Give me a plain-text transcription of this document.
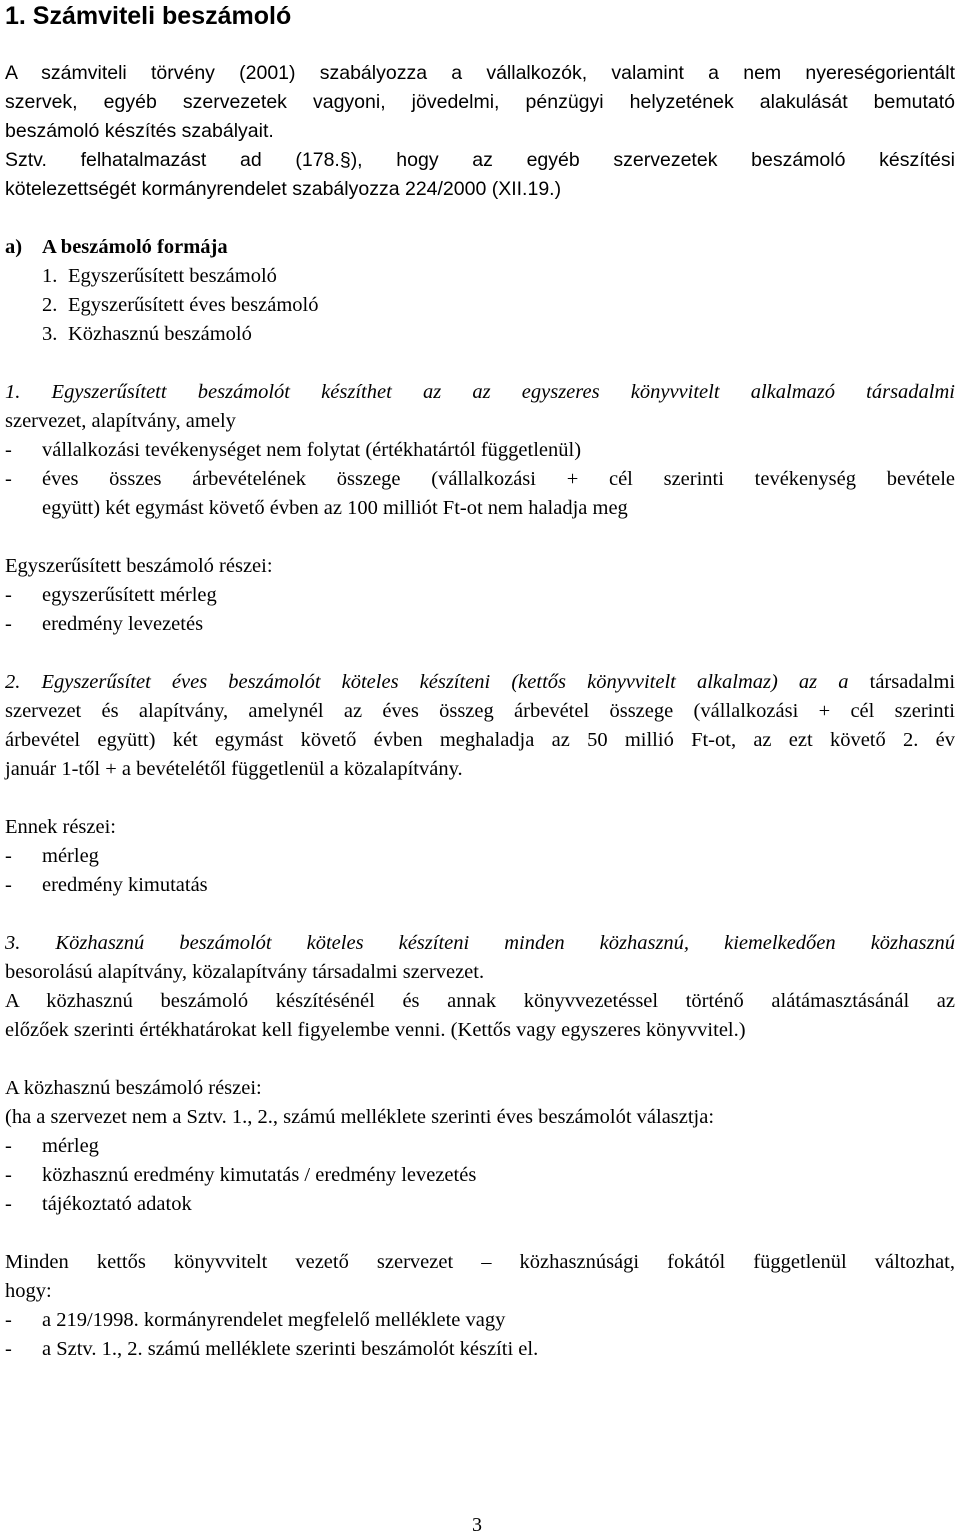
1. Számviteli beszámoló
A számviteli törvény (2001) szabályozza a vállalkozók, valamint a nem nyereségorientált
szervek, egyéb szervezetek vagyoni, jövedelmi, pénzügyi helyzetének alakulását bemutató
beszámoló készítés szabályait.
Sztv. felhatalmazást ad (178.§), hogy az egyéb szervezetek beszámoló készítési
kötelezettségét kormányrendelet szabályozza 224/2000 (XII.19.)
a) A beszámoló formája
1. Egyszerűsített beszámoló
2. Egyszerűsített éves beszámoló
3. Közhasznú beszámoló
1. Egyszerűsített beszámolót készíthet az az egyszeres könyvvitelt alkalmazó társadalmi
szervezet, alapítvány, amely
- vállalkozási tevékenységet nem folytat (értékhatártól függetlenül)
- éves összes árbevételének összege (vállalkozási + cél szerinti tevékenység bevétele
együtt) két egymást követő évben az 100 milliót Ft-ot nem haladja meg
Egyszerűsített beszámoló részei:
- egyszerűsített mérleg
- eredmény levezetés
2. Egyszerűsítet éves beszámolót köteles készíteni (kettős könyvvitelt alkalmaz) az a társadalmi
szervezet és alapítvány, amelynél az éves összeg árbevétel összege (vállalkozási + cél szerinti
árbevétel együtt) két egymást követő évben meghaladja az 50 millió Ft-ot, az ezt követő 2. év
január 1-től + a bevételétől függetlenül a közalapítvány.
Ennek részei:
- mérleg
- eredmény kimutatás
3. Közhasznú beszámolót köteles készíteni minden közhasznú, kiemelkedően közhasznú
besorolású alapítvány, közalapítvány társadalmi szervezet.
A közhasznú beszámoló készítésénél és annak könyvvezetéssel történő alátámasztásánál az
előzőek szerinti értékhatárokat kell figyelembe venni. (Kettős vagy egyszeres könyvvitel.)
A közhasznú beszámoló részei:
(ha a szervezet nem a Sztv. 1., 2., számú melléklete szerinti éves beszámolót választja:
- mérleg
- közhasznú eredmény kimutatás / eredmény levezetés
- tájékoztató adatok
Minden kettős könyvvitelt vezető szervezet – közhasznúsági fokától függetlenül változhat,
hogy:
- a 219/1998. kormányrendelet megfelelő melléklete vagy
- a Sztv. 1., 2. számú melléklete szerinti beszámolót készíti el.
3
